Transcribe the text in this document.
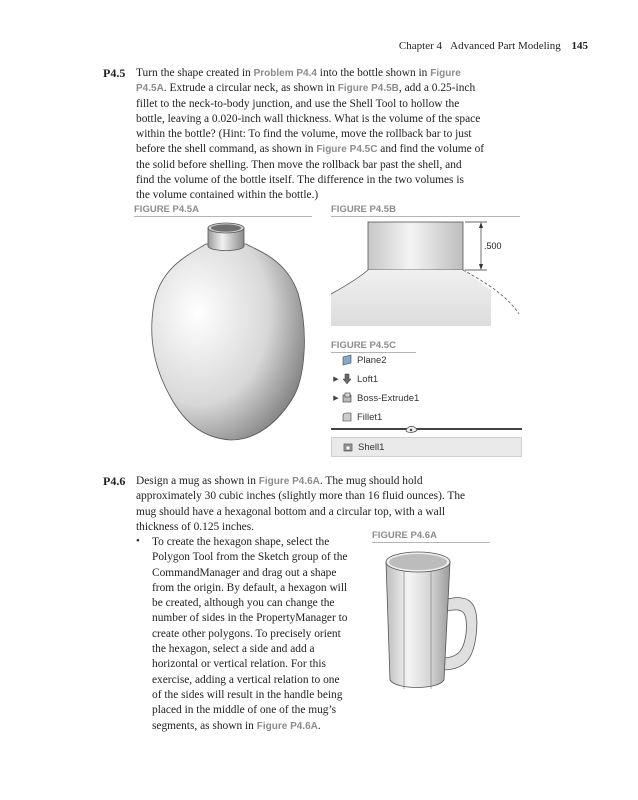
Chapter 4 Advanced Part Modeling 145
P4.5 Turn the shape created in Problem P4.4 into the bottle shown in Figure
P4.5A. Extrude a circular neck, as shown in Figure P4.5B, add a 0.25-inch
fillet to the neck-to-body junction, and use the Shell Tool to hollow the
bottle, leaving a 0.020-inch wall thickness. What is the volume of the space
within the bottle? (Hint: To find the volume, move the rollback bar to just
before the shell command, as shown in Figure P4.5C and find the volume of
the solid before shelling. Then move the rollback bar past the shell, and
find the volume of the bottle itself. The difference in the two volumes is
the volume contained within the bottle.)
FIGURE P4.5A	FIGURE P4.5B
.500
FIGURE P4.5C
Plane2
▶ Loft1
▶ Boss-Extrude1
Fillet1
Shell1
P4.6 Design a mug as shown in Figure P4.6A. The mug should hold
approximately 30 cubic inches (slightly more than 16 fluid ounces). The
mug should have a hexagonal bottom and a circular top, with a wall
thickness of 0.125 inches.
• To create the hexagon shape, select the
Polygon Tool from the Sketch group of the
CommandManager and drag out a shape
from the origin. By default, a hexagon will
be created, although you can change the
number of sides in the PropertyManager to
create other polygons. To precisely orient
the hexagon, select a side and add a
horizontal or vertical relation. For this
exercise, adding a vertical relation to one
of the sides will result in the handle being
placed in the middle of one of the mug’s
segments, as shown in Figure P4.6A.
FIGURE P4.6A
